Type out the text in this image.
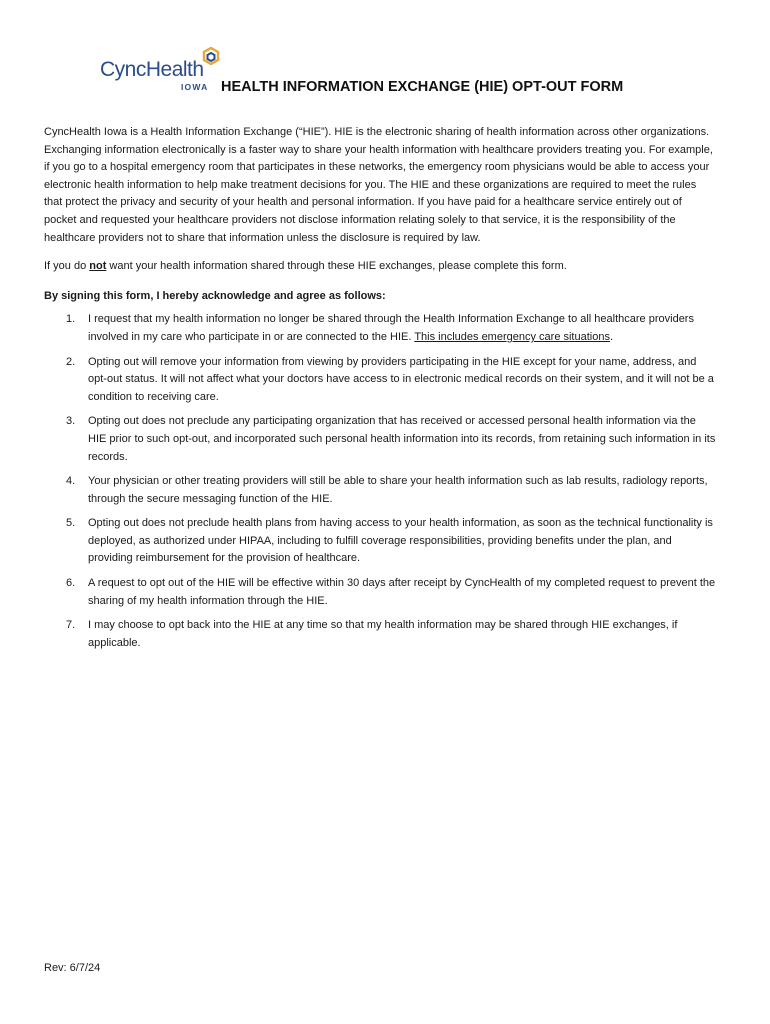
CyncHealth
IOWA HEALTH INFORMATION EXCHANGE (HIE) OPT-OUT FORM

CyncHealth Iowa is a Health Information Exchange (“HIE”). HIE is the electronic sharing of health information across other organizations. Exchanging information electronically is a faster way to share your health information with healthcare providers treating you. For example, if you go to a hospital emergency room that participates in these networks, the emergency room physicians would be able to access your electronic health information to help make treatment decisions for you. The HIE and these organizations are required to meet the rules that protect the privacy and security of your health and personal information. If you have paid for a healthcare service entirely out of pocket and requested your healthcare providers not disclose information relating solely to that service, it is the responsibility of the healthcare providers not to share that information unless the disclosure is required by law.

If you do not want your health information shared through these HIE exchanges, please complete this form.

By signing this form, I hereby acknowledge and agree as follows:

1. I request that my health information no longer be shared through the Health Information Exchange to all healthcare providers involved in my care who participate in or are connected to the HIE. This includes emergency care situations.
2. Opting out will remove your information from viewing by providers participating in the HIE except for your name, address, and opt-out status. It will not affect what your doctors have access to in electronic medical records on their system, and it will not be a condition to receiving care.
3. Opting out does not preclude any participating organization that has received or accessed personal health information via the HIE prior to such opt-out, and incorporated such personal health information into its records, from retaining such information in its records.
4. Your physician or other treating providers will still be able to share your health information such as lab results, radiology reports, through the secure messaging function of the HIE.
5. Opting out does not preclude health plans from having access to your health information, as soon as the technical functionality is deployed, as authorized under HIPAA, including to fulfill coverage responsibilities, providing benefits under the plan, and providing reimbursement for the provision of healthcare.
6. A request to opt out of the HIE will be effective within 30 days after receipt by CyncHealth of my completed request to prevent the sharing of my health information through the HIE.
7. I may choose to opt back into the HIE at any time so that my health information may be shared through HIE exchanges, if applicable.
Rev: 6/7/24
